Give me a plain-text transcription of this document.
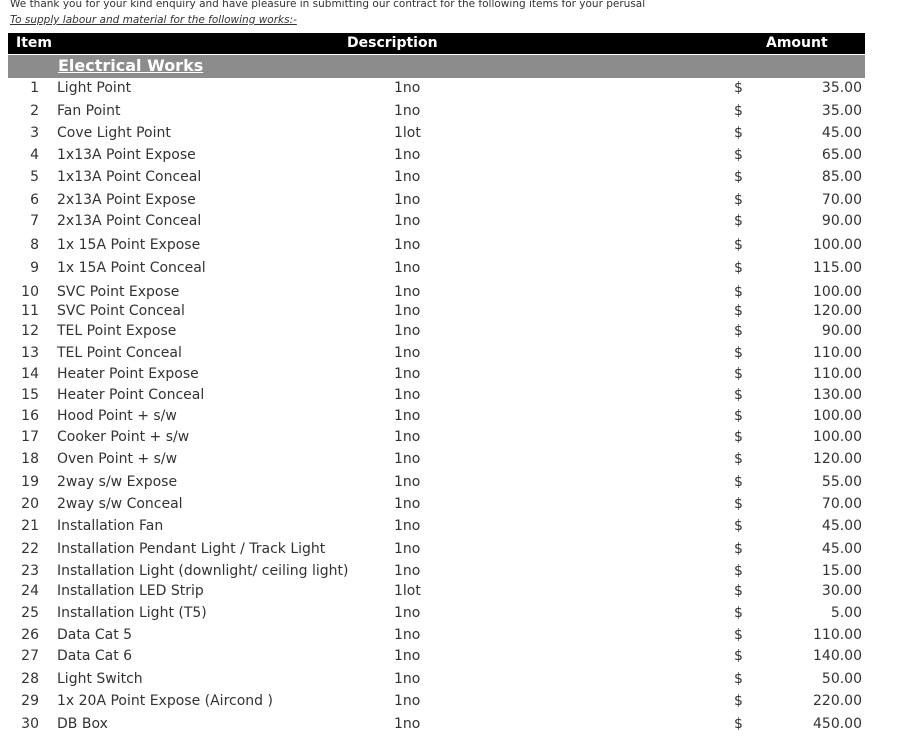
We thank you for your kind enquiry and have pleasure in submitting our contract for the following items for your perusal
To supply labour and material for the following works:-
Item	Description	Amount
Electrical Works
1 Light Point	1no	$	35.00
2 Fan Point	1no	$	35.00
3 Cove Light Point	1lot	$	45.00
4 1x13A Point Expose	1no	$	65.00
5 1x13A Point Conceal	1no	$	85.00
6 2x13A Point Expose	1no	$	70.00
7 2x13A Point Conceal	1no	$	90.00
8 1x 15A Point Expose	1no	$	100.00
9 1x 15A Point Conceal	1no	$	115.00
10 SVC Point Expose	1no	$	100.00
11 SVC Point Conceal	1no	$	120.00
12 TEL Point Expose	1no	$	90.00
13 TEL Point Conceal	1no	$	110.00
14 Heater Point Expose	1no	$	110.00
15 Heater Point Conceal	1no	$	130.00
16 Hood Point + s/w	1no	$	100.00
17 Cooker Point + s/w	1no	$	100.00
18 Oven Point + s/w	1no	$	120.00
19 2way s/w Expose	1no	$	55.00
20 2way s/w Conceal	1no	$	70.00
21 Installation Fan	1no	$	45.00
22 Installation Pendant Light / Track Light	1no	$	45.00
23 Installation Light (downlight/ ceiling light)	1no	$	15.00
24 Installation LED Strip	1lot	$	30.00
25 Installation Light (T5)	1no	$	5.00
26 Data Cat 5	1no	$	110.00
27 Data Cat 6	1no	$	140.00
28 Light Switch	1no	$	50.00
29 1x 20A Point Expose (Aircond )	1no	$	220.00
30 DB Box	1no	$	450.00
